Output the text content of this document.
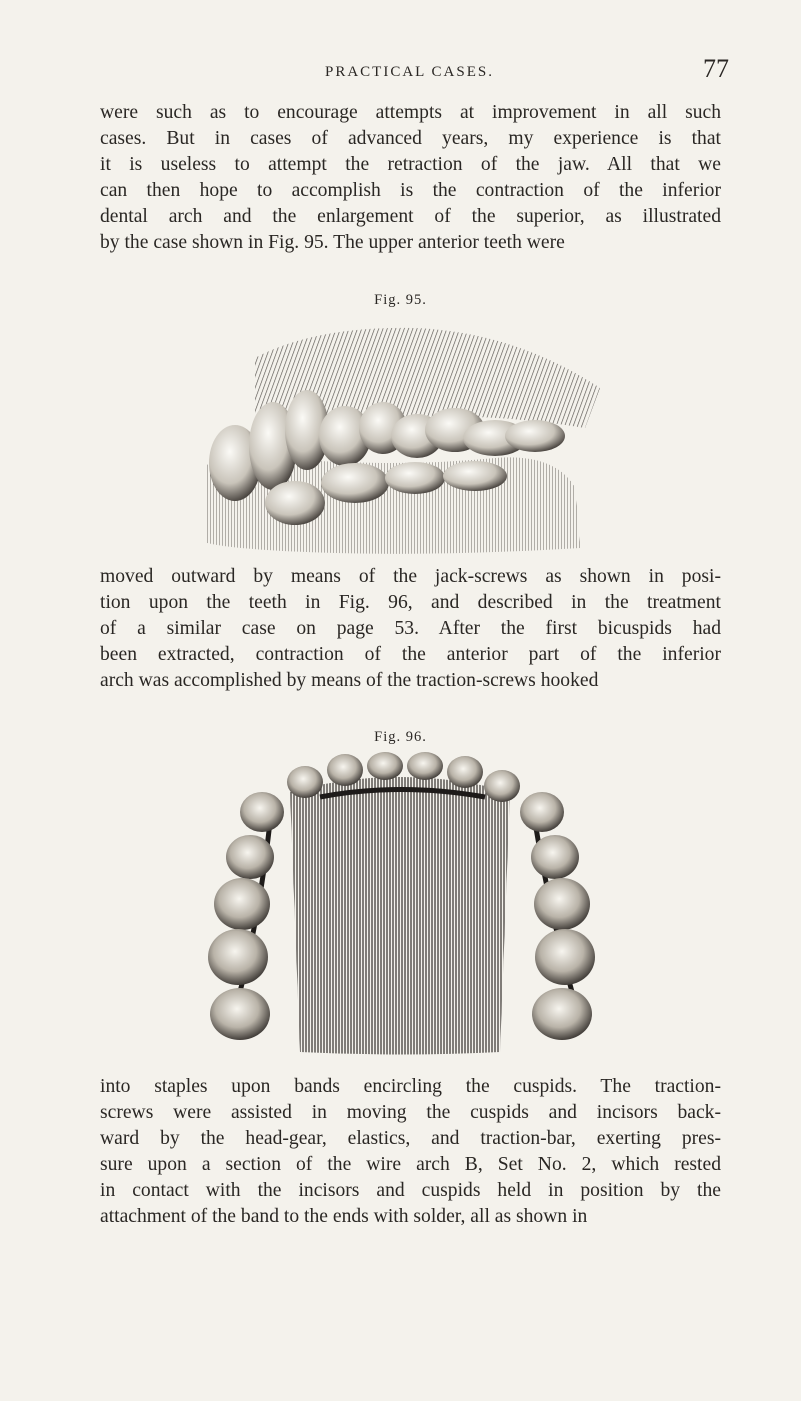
PRACTICAL CASES.	77

were such as to encourage attempts at improvement in all such
cases. But in cases of advanced years, my experience is that
it is useless to attempt the retraction of the jaw. All that we
can then hope to accomplish is the contraction of the inferior
dental arch and the enlargement of the superior, as illustrated
by the case shown in Fig. 95. The upper anterior teeth were

Fig. 95.

moved outward by means of the jack-screws as shown in posi-
tion upon the teeth in Fig. 96, and described in the treatment
of a similar case on page 53. After the first bicuspids had
been extracted, contraction of the anterior part of the inferior
arch was accomplished by means of the traction-screws hooked

Fig. 96.

into staples upon bands encircling the cuspids. The traction-
screws were assisted in moving the cuspids and incisors back-
ward by the head-gear, elastics, and traction-bar, exerting pres-
sure upon a section of the wire arch B, Set No. 2, which rested
in contact with the incisors and cuspids held in position by the
attachment of the band to the ends with solder, all as shown in
